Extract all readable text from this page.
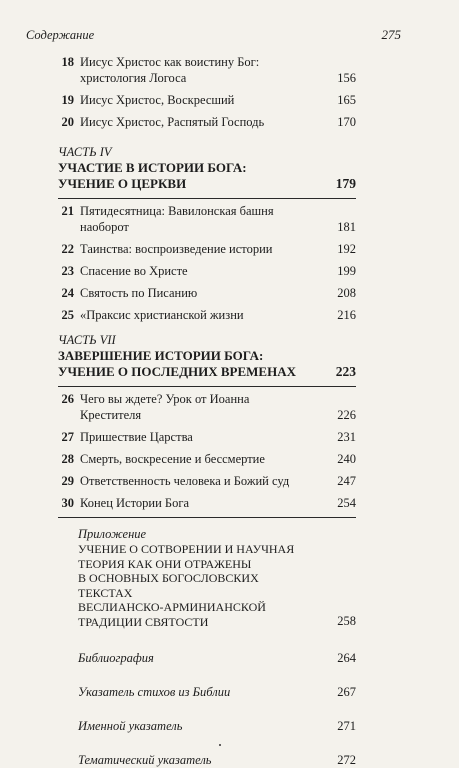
Содержание	275
18 Иисус Христос как воистину Бог: христология Логоса	156
19 Иисус Христос, Воскресший	165
20 Иисус Христос, Распятый Господь	170
ЧАСТЬ IV
УЧАСТИЕ В ИСТОРИИ БОГА:
УЧЕНИЕ О ЦЕРКВИ	179
21 Пятидесятница: Вавилонская башня наоборот	181
22 Таинства: воспроизведение истории	192
23 Спасение во Христе	199
24 Святость по Писанию	208
25 «Праксис христианской жизни	216
ЧАСТЬ VII
ЗАВЕРШЕНИЕ ИСТОРИИ БОГА:
УЧЕНИЕ О ПОСЛЕДНИХ ВРЕМЕНАХ	223
26 Чего вы ждете? Урок от Иоанна Крестителя	226
27 Пришествие Царства	231
28 Смерть, воскресение и бессмертие	240
29 Ответственность человека и Божий суд	247
30 Конец Истории Бога	254
Приложение
УЧЕНИЕ О СОТВОРЕНИИ И НАУЧНАЯ
ТЕОРИЯ КАК ОНИ ОТРАЖЕНЫ
В ОСНОВНЫХ БОГОСЛОВСКИХ ТЕКСТАХ
ВЕСЛИАНСКО-АРМИНИАНСКОЙ
ТРАДИЦИИ СВЯТОСТИ	258
Библиография	264
Указатель стихов из Библии	267
Именной указатель	271
Тематический указатель	272
